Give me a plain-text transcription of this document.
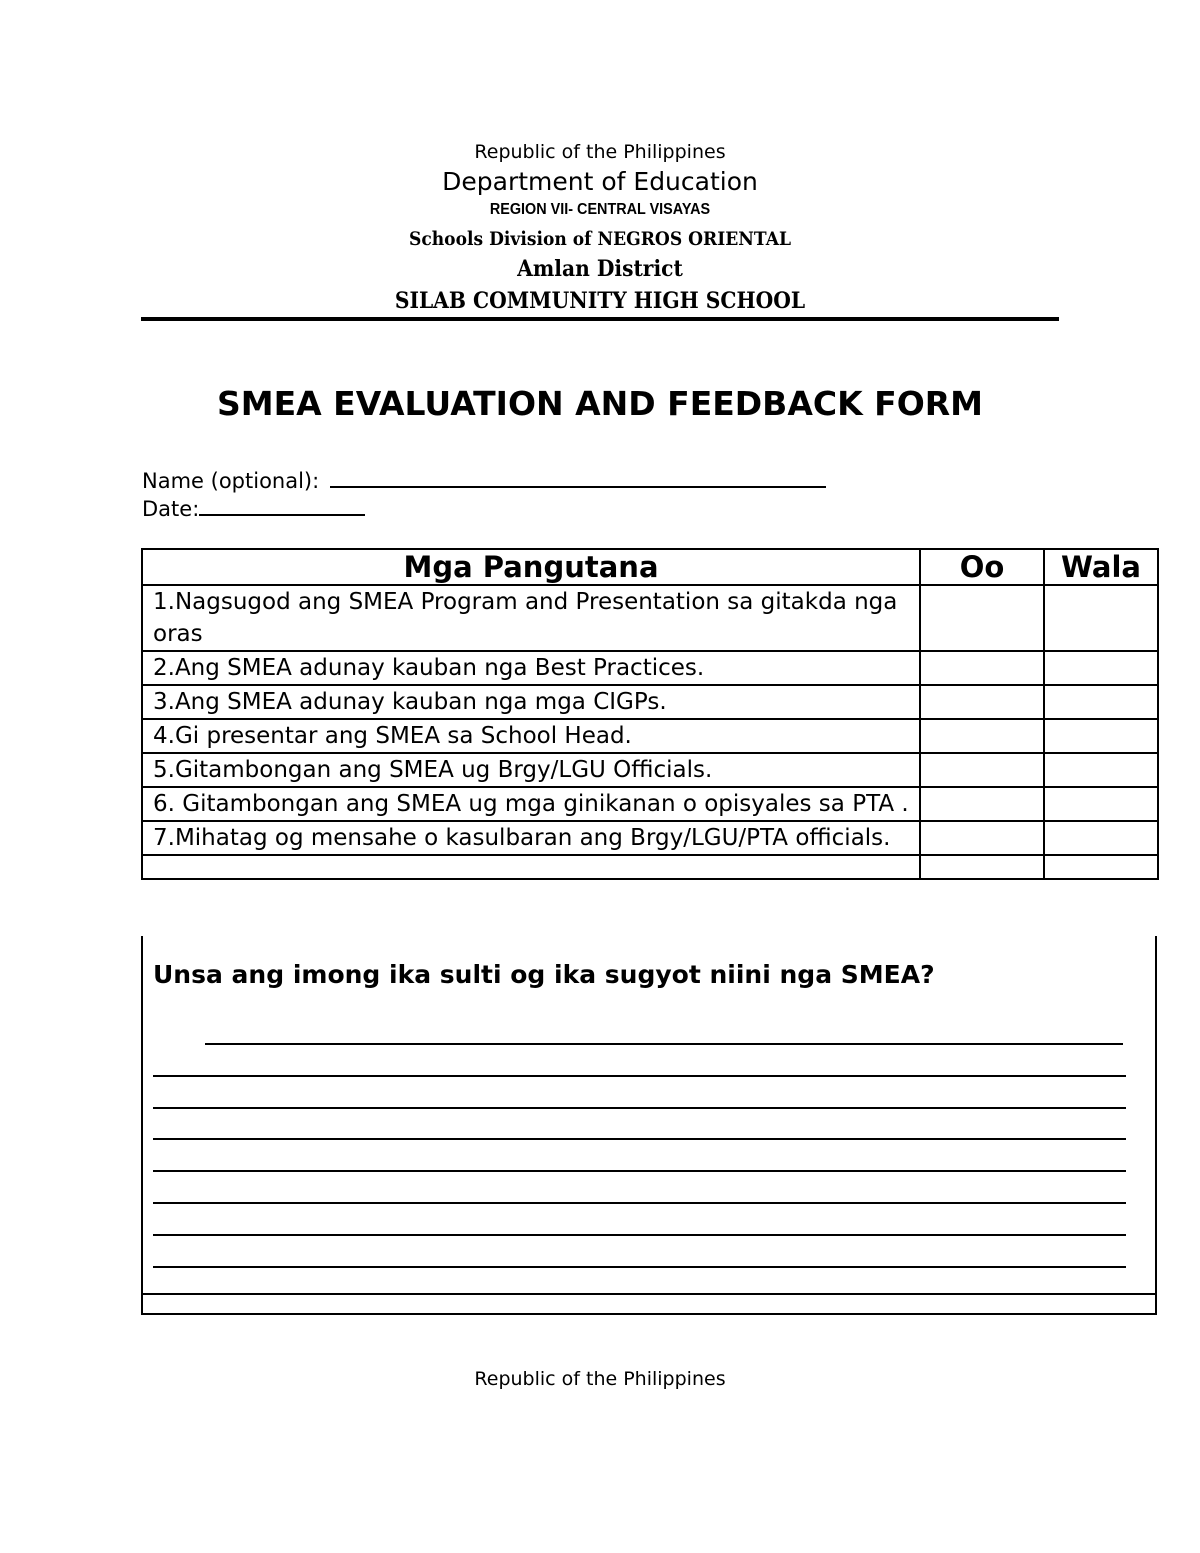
Republic of the Philippines
Department of Education
REGION VII- CENTRAL VISAYAS
Schools Division of NEGROS ORIENTAL
Amlan District
SILAB COMMUNITY HIGH SCHOOL
SMEA EVALUATION AND FEEDBACK FORM
Name (optional):
Date:
Mga Pangutana	Oo	Wala
1.Nagsugod ang SMEA Program and Presentation sa gitakda nga oras		
2.Ang SMEA adunay kauban nga Best Practices.		
3.Ang SMEA adunay kauban nga mga CIGPs.		
4.Gi presentar ang SMEA sa School Head.		
5.Gitambongan ang SMEA ug Brgy/LGU Officials.		
6. Gitambongan ang SMEA ug mga ginikanan o opisyales sa PTA .		
7.Mihatag og mensahe o kasulbaran ang Brgy/LGU/PTA officials.		

Unsa ang imong ika sulti og ika sugyot niini nga SMEA?
Republic of the Philippines
